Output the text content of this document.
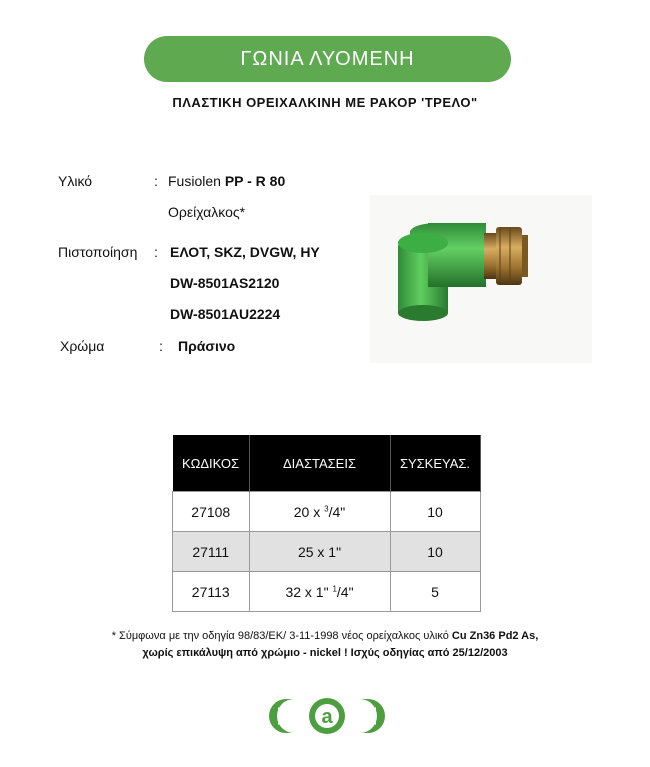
ΓΩΝΙΑ ΛΥΟΜΕΝΗ
ΠΛΑΣΤΙΚΗ ΟΡΕΙΧΑΛΚΙΝΗ ΜΕ ΡΑΚΟΡ 'ΤΡΕΛΟ"
Υλικό	: Fusiolen PP - R 80
Ορείχαλκος*
Πιστοποίηση : ΕΛΟΤ, SKZ, DVGW, HY
DW-8501AS2120
DW-8501AU2224
Χρώμα	: Πράσινο
ΚΩΔΙΚΟΣ	ΔΙΑΣΤΑΣΕΙΣ	ΣΥΣΚΕΥΑΣ.
27108	20 x $^3$/4"	10
27111	25 x 1"	10
27113	32 x 1" $^1$/4"	5
* Σύμφωνα με την οδηγία 98/83/ΕΚ/ 3-11-1998 νέος ορείχαλκος υλικό Cu Zn36 Pd2 As,
χωρίς επικάλυψη από χρώμιο - nickel ! Ισχύς οδηγίας από 25/12/2003
a
